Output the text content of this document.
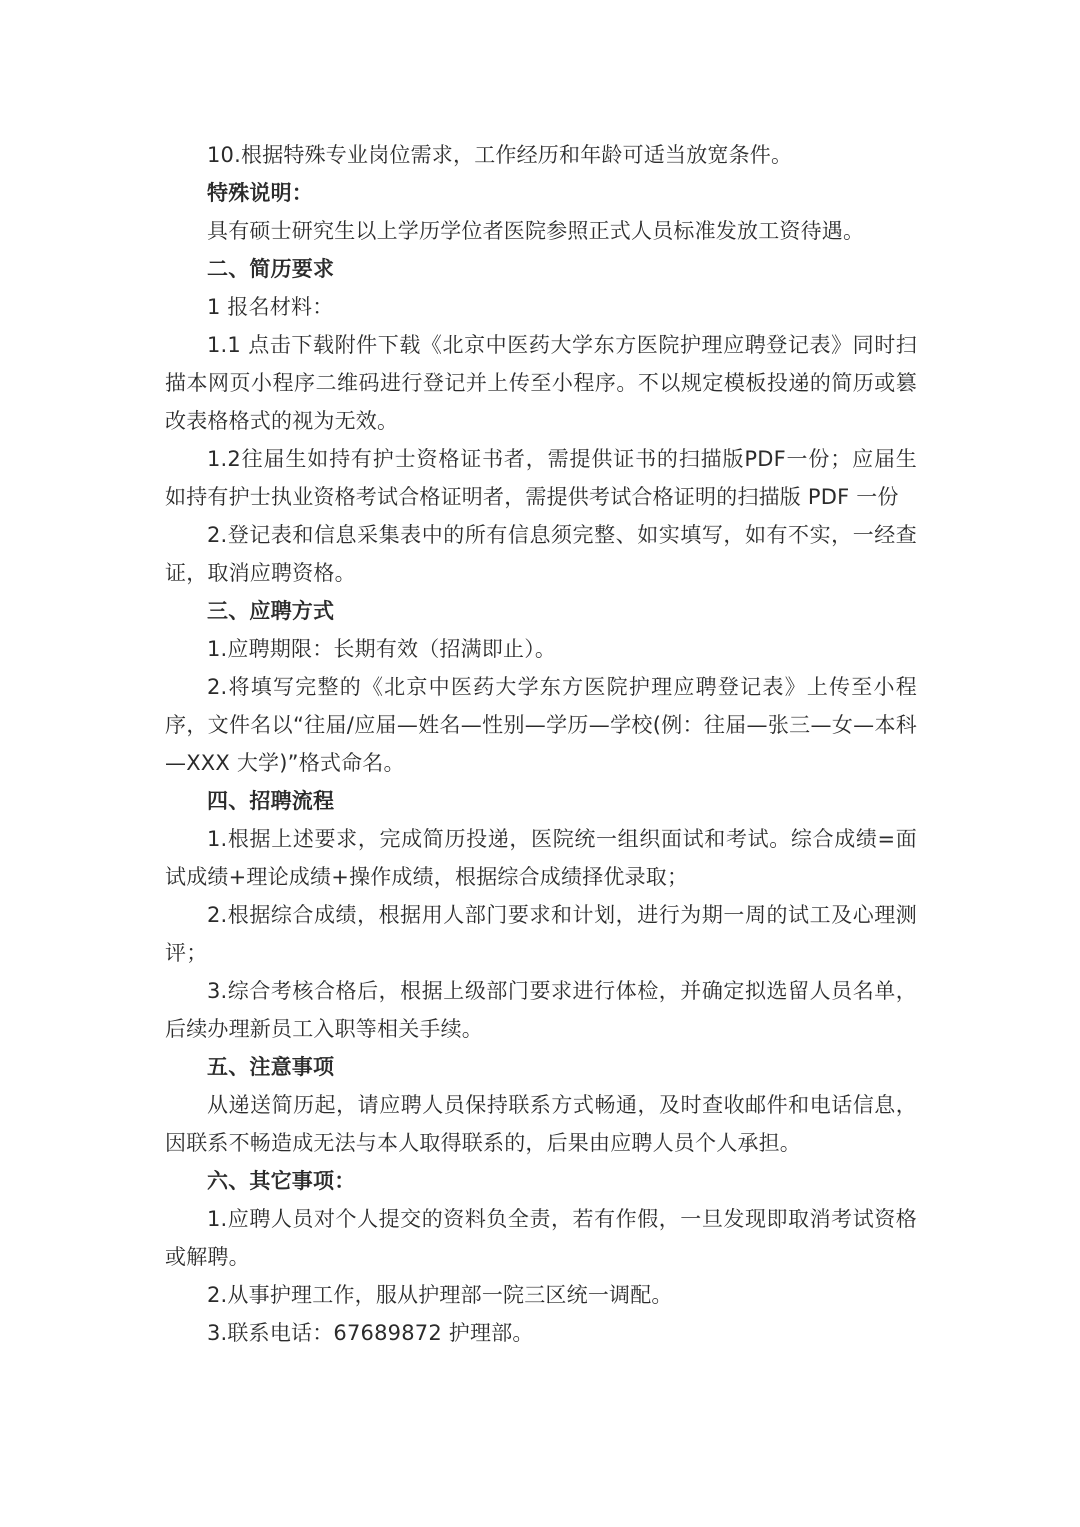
10.根据特殊专业岗位需求，工作经历和年龄可适当放宽条件。

特殊说明：

具有硕士研究生以上学历学位者医院参照正式人员标准发放工资待遇。

二、简历要求

1 报名材料：

1.1 点击下载附件下载《北京中医药大学东方医院护理应聘登记表》同时扫描本网页小程序二维码进行登记并上传至小程序。不以规定模板投递的简历或篡改表格格式的视为无效。

1.2往届生如持有护士资格证书者，需提供证书的扫描版PDF一份；应届生如持有护士执业资格考试合格证明者，需提供考试合格证明的扫描版 PDF 一份

2.登记表和信息采集表中的所有信息须完整、如实填写，如有不实，一经查证，取消应聘资格。

三、应聘方式

1.应聘期限：长期有效（招满即止）。

2.将填写完整的《北京中医药大学东方医院护理应聘登记表》上传至小程序，文件名以“往届/应届—姓名—性别—学历—学校(例：往届—张三—女—本科—XXX 大学)”格式命名。

四、招聘流程

1.根据上述要求，完成简历投递，医院统一组织面试和考试。综合成绩=面试成绩+理论成绩+操作成绩，根据综合成绩择优录取；

2.根据综合成绩，根据用人部门要求和计划，进行为期一周的试工及心理测评；

3.综合考核合格后，根据上级部门要求进行体检，并确定拟选留人员名单，后续办理新员工入职等相关手续。

五、注意事项

从递送简历起，请应聘人员保持联系方式畅通，及时查收邮件和电话信息，因联系不畅造成无法与本人取得联系的，后果由应聘人员个人承担。

六、其它事项：

1.应聘人员对个人提交的资料负全责，若有作假，一旦发现即取消考试资格或解聘。

2.从事护理工作，服从护理部一院三区统一调配。

3.联系电话：67689872 护理部。
